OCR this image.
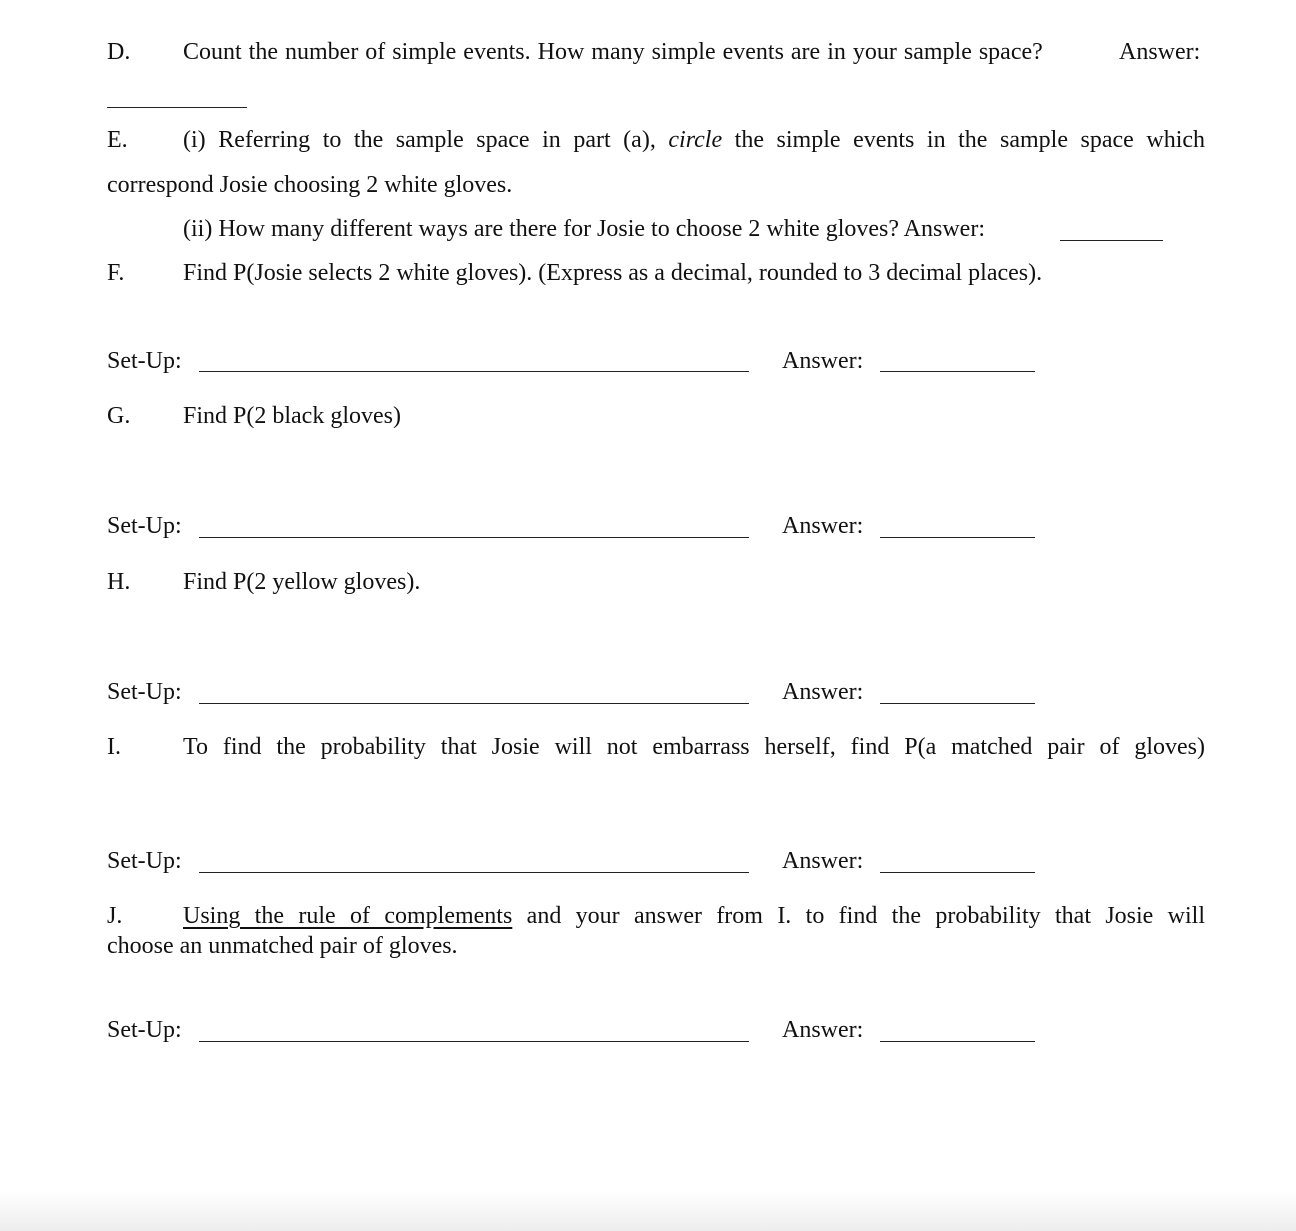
D. Count the number of simple events. How many simple events are in your sample space?	Answer:
E. (i) Referring to the sample space in part (a), circle the simple events in the sample space which
correspond Josie choosing 2 white gloves.
(ii) How many different ways are there for Josie to choose 2 white gloves? Answer:
F. Find P(Josie selects 2 white gloves). (Express as a decimal, rounded to 3 decimal places).
Set-Up:	Answer:
G. Find P(2 black gloves)
Set-Up:	Answer:
H. Find P(2 yellow gloves).
Set-Up:	Answer:
I.	To find the probability that Josie will not embarrass herself, find P(a matched pair of gloves)
Set-Up:	Answer:
J.	Using the rule of complements and your answer from I. to find the probability that Josie will
choose an unmatched pair of gloves.
Set-Up:	Answer:
